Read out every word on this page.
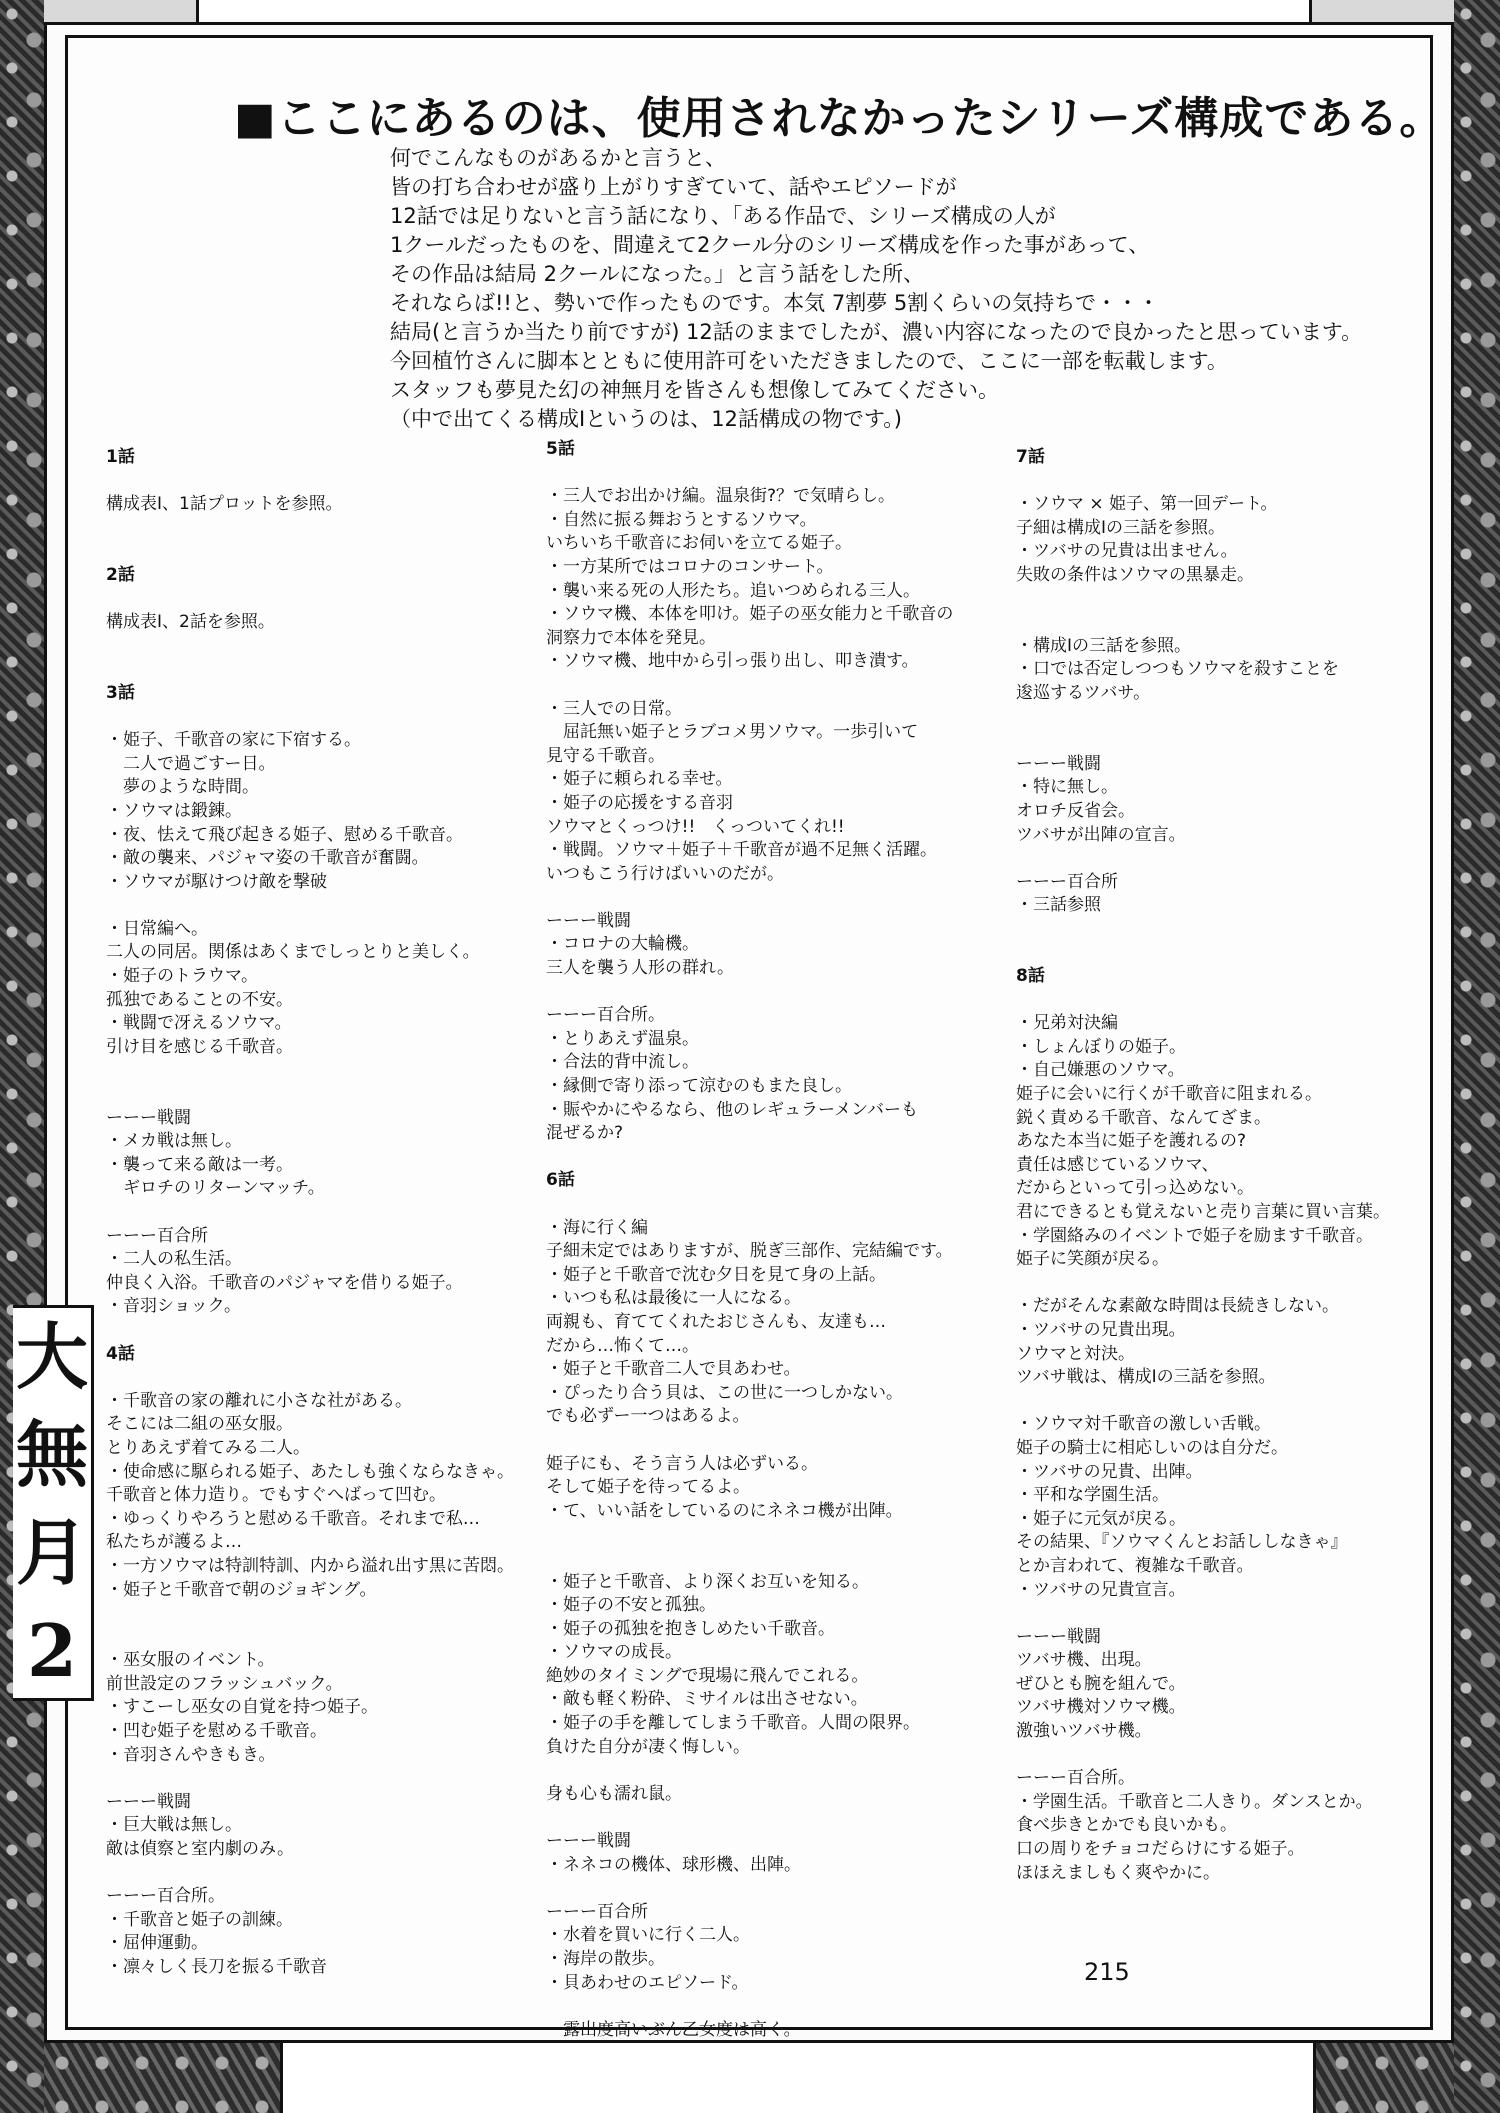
■ここにあるのは、使用されなかったシリーズ構成である。
何でこんなものがあるかと言うと、
皆の打ち合わせが盛り上がりすぎていて、話やエピソードが
12話では足りないと言う話になり、「ある作品で、シリーズ構成の人が
1クールだったものを、間違えて2クール分のシリーズ構成を作った事があって、
その作品は結局 2クールになった。」と言う話をした所、
それならば!!と、勢いで作ったものです。本気 7割夢 5割くらいの気持ちで・・・
結局(と言うか当たり前ですが) 12話のままでしたが、濃い内容になったので良かったと思っています。
今回植竹さんに脚本とともに使用許可をいただきましたので、ここに一部を転載します。
スタッフも夢見た幻の神無月を皆さんも想像してみてください。
（中で出てくる構成Ⅰというのは、12話構成の物です。)
1話
構成表Ⅰ、1話プロットを参照。
2話
構成表Ⅰ、2話を参照。
3話
・姫子、千歌音の家に下宿する。
　二人で過ごすー日。
　夢のような時間。
・ソウマは鍛錬。
・夜、怯えて飛び起きる姫子、慰める千歌音。
・敵の襲来、パジャマ姿の千歌音が奮闘。
・ソウマが駆けつけ敵を撃破
・日常編へ。
二人の同居。関係はあくまでしっとりと美しく。
・姫子のトラウマ。
孤独であることの不安。
・戦闘で冴えるソウマ。
引け目を感じる千歌音。
ーーー戦闘
・メカ戦は無し。
・襲って来る敵は一考。
　ギロチのリターンマッチ。
ーーー百合所
・二人の私生活。
仲良く入浴。千歌音のパジャマを借りる姫子。
・音羽ショック。
4話
・千歌音の家の離れに小さな社がある。
そこには二組の巫女服。
とりあえず着てみる二人。
・使命感に駆られる姫子、あたしも強くならなきゃ。
千歌音と体力造り。でもすぐへばって凹む。
・ゆっくりやろうと慰める千歌音。それまで私…
私たちが護るよ…
・一方ソウマは特訓特訓、内から溢れ出す黒に苦悶。
・姫子と千歌音で朝のジョギング。
・巫女服のイベント。
前世設定のフラッシュバック。
・すこーし巫女の自覚を持つ姫子。
・凹む姫子を慰める千歌音。
・音羽さんやきもき。
ーーー戦闘
・巨大戦は無し。
敵は偵察と室内劇のみ。
ーーー百合所。
・千歌音と姫子の訓練。
・屈伸運動。
・凛々しく長刀を振る千歌音
5話
・三人でお出かけ編。温泉街?？で気晴らし。
・自然に振る舞おうとするソウマ。
いちいち千歌音にお伺いを立てる姫子。
・一方某所ではコロナのコンサート。
・襲い来る死の人形たち。追いつめられる三人。
・ソウマ機、本体を叩け。姫子の巫女能力と千歌音の
洞察力で本体を発見。
・ソウマ機、地中から引っ張り出し、叩き潰す。
・三人での日常。
　屈託無い姫子とラブコメ男ソウマ。一歩引いて
見守る千歌音。
・姫子に頼られる幸せ。
・姫子の応援をする音羽
ソウマとくっつけ!!　くっついてくれ!!
・戦闘。ソウマ＋姫子＋千歌音が過不足無く活躍。
いつもこう行けばいいのだが。
ーーー戦闘
・コロナの大輪機。
三人を襲う人形の群れ。
ーーー百合所。
・とりあえず温泉。
・合法的背中流し。
・縁側で寄り添って涼むのもまた良し。
・賑やかにやるなら、他のレギュラーメンバーも
混ぜるか?
6話
・海に行く編
子細未定ではありますが、脱ぎ三部作、完結編です。
・姫子と千歌音で沈む夕日を見て身の上話。
・いつも私は最後に一人になる。
両親も、育ててくれたおじさんも、友達も…
だから…怖くて…。
・姫子と千歌音二人で貝あわせ。
・ぴったり合う貝は、この世に一つしかない。
でも必ずー一つはあるよ。
姫子にも、そう言う人は必ずいる。
そして姫子を待ってるよ。
・て、いい話をしているのにネネコ機が出陣。
・姫子と千歌音、より深くお互いを知る。
・姫子の不安と孤独。
・姫子の孤独を抱きしめたい千歌音。
・ソウマの成長。
絶妙のタイミングで現場に飛んでこれる。
・敵も軽く粉砕、ミサイルは出させない。
・姫子の手を離してしまう千歌音。人間の限界。
負けた自分が凄く悔しい。
身も心も濡れ鼠。
ーーー戦闘
・ネネコの機体、球形機、出陣。
ーーー百合所
・水着を買いに行く二人。
・海岸の散歩。
・貝あわせのエピソード。
　露出度高いぶん乙女度は高く。
7話
・ソウマ × 姫子、第一回デート。
子細は構成Ⅰの三話を参照。
・ツバサの兄貴は出ません。
失敗の条件はソウマの黒暴走。
・構成Ⅰの三話を参照。
・口では否定しつつもソウマを殺すことを
逡巡するツバサ。
ーーー戦闘
・特に無し。
オロチ反省会。
ツバサが出陣の宣言。
ーーー百合所
・三話参照
8話
・兄弟対決編
・しょんぼりの姫子。
・自己嫌悪のソウマ。
姫子に会いに行くが千歌音に阻まれる。
鋭く責める千歌音、なんてざま。
あなた本当に姫子を護れるの?
責任は感じているソウマ、
だからといって引っ込めない。
君にできるとも覚えないと売り言葉に買い言葉。
・学園絡みのイベントで姫子を励ます千歌音。
姫子に笑顔が戻る。
・だがそんな素敵な時間は長続きしない。
・ツバサの兄貴出現。
ソウマと対決。
ツバサ戦は、構成Ⅰの三話を参照。
・ソウマ対千歌音の激しい舌戦。
姫子の騎士に相応しいのは自分だ。
・ツバサの兄貴、出陣。
・平和な学園生活。
・姫子に元気が戻る。
その結果、『ソウマくんとお話ししなきゃ』
とか言われて、複雑な千歌音。
・ツバサの兄貴宣言。
ーーー戦闘
ツバサ機、出現。
ぜひとも腕を組んで。
ツバサ機対ソウマ機。
激強いツバサ機。
ーーー百合所。
・学園生活。千歌音と二人きり。ダンスとか。
食べ歩きとかでも良いかも。
口の周りをチョコだらけにする姫子。
ほほえましもく爽やかに。
215
大
無
月
2
